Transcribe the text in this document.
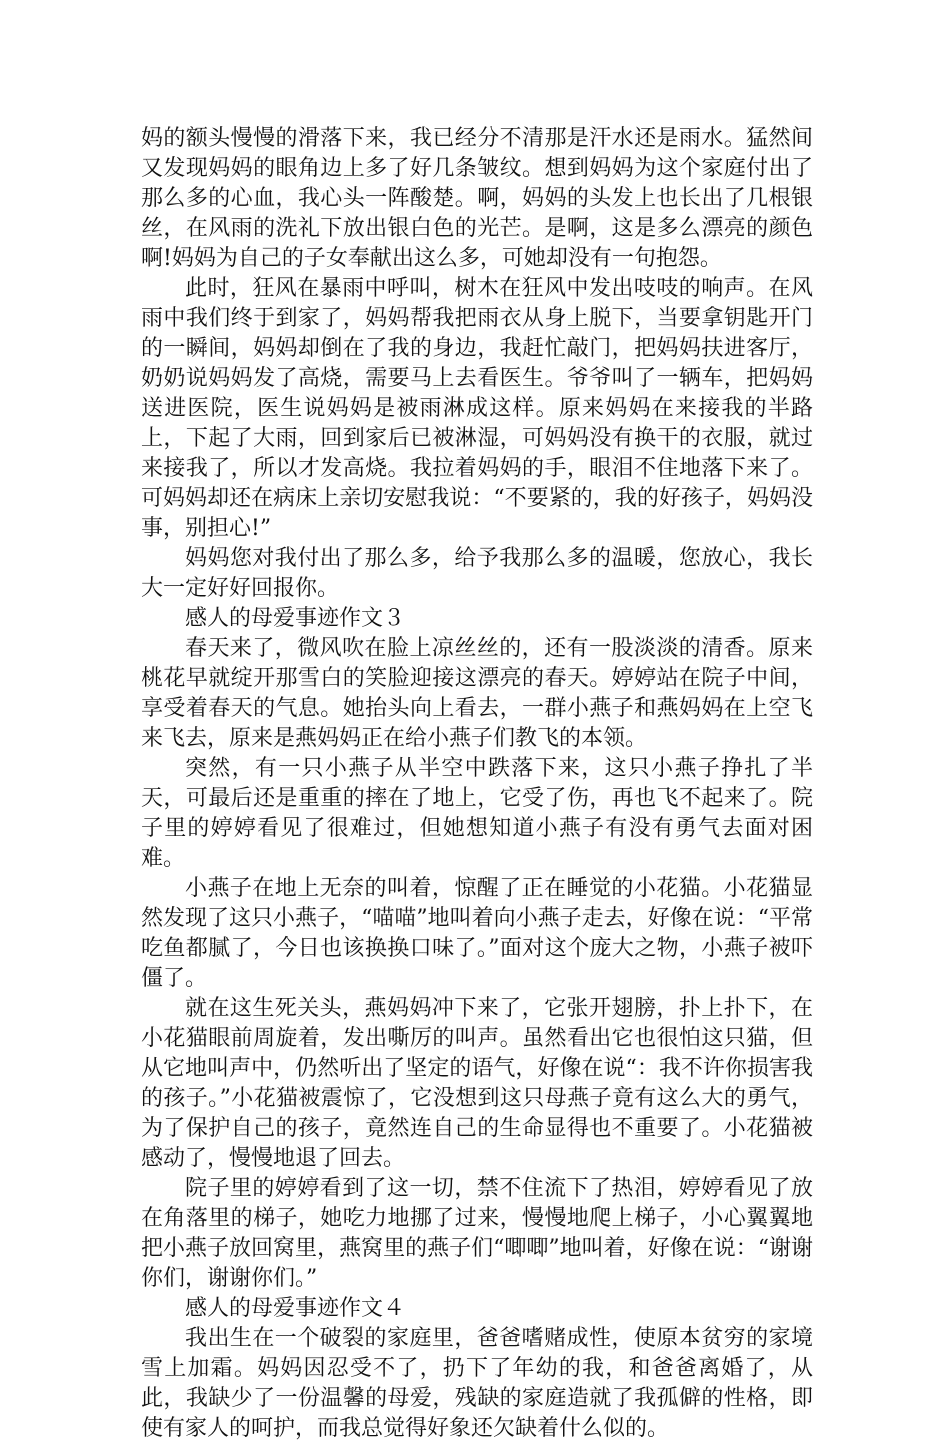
妈的额头慢慢的滑落下来，我已经分不清那是汗水还是雨水。猛然间又发现妈妈的眼角边上多了好几条皱纹。想到妈妈为这个家庭付出了那么多的心血，我心头一阵酸楚。啊，妈妈的头发上也长出了几根银丝，在风雨的洗礼下放出银白色的光芒。是啊，这是多么漂亮的颜色啊!妈妈为自己的子女奉献出这么多，可她却没有一句抱怨。

此时，狂风在暴雨中呼叫，树木在狂风中发出吱吱的响声。在风雨中我们终于到家了，妈妈帮我把雨衣从身上脱下，当要拿钥匙开门的一瞬间，妈妈却倒在了我的身边，我赶忙敲门，把妈妈扶进客厅，奶奶说妈妈发了高烧，需要马上去看医生。爷爷叫了一辆车，把妈妈送进医院，医生说妈妈是被雨淋成这样。原来妈妈在来接我的半路上，下起了大雨，回到家后已被淋湿，可妈妈没有换干的衣服，就过来接我了，所以才发高烧。我拉着妈妈的手，眼泪不住地落下来了。可妈妈却还在病床上亲切安慰我说：“不要紧的，我的好孩子，妈妈没事，别担心!”

妈妈您对我付出了那么多，给予我那么多的温暖，您放心，我长大一定好好回报你。

感人的母爱事迹作文３

春天来了，微风吹在脸上凉丝丝的，还有一股淡淡的清香。原来桃花早就绽开那雪白的笑脸迎接这漂亮的春天。婷婷站在院子中间，享受着春天的气息。她抬头向上看去，一群小燕子和燕妈妈在上空飞来飞去，原来是燕妈妈正在给小燕子们教飞的本领。

突然，有一只小燕子从半空中跌落下来，这只小燕子挣扎了半天，可最后还是重重的摔在了地上，它受了伤，再也飞不起来了。院子里的婷婷看见了很难过，但她想知道小燕子有没有勇气去面对困难。

小燕子在地上无奈的叫着，惊醒了正在睡觉的小花猫。小花猫显然发现了这只小燕子，“喵喵”地叫着向小燕子走去，好像在说：“平常吃鱼都腻了，今日也该换换口味了。”面对这个庞大之物，小燕子被吓僵了。

就在这生死关头，燕妈妈冲下来了，它张开翅膀，扑上扑下，在小花猫眼前周旋着，发出嘶厉的叫声。虽然看出它也很怕这只猫，但从它地叫声中，仍然听出了坚定的语气，好像在说“：我不许你损害我的孩子。”小花猫被震惊了，它没想到这只母燕子竟有这么大的勇气，为了保护自己的孩子，竟然连自己的生命显得也不重要了。小花猫被感动了，慢慢地退了回去。

院子里的婷婷看到了这一切，禁不住流下了热泪，婷婷看见了放在角落里的梯子，她吃力地挪了过来，慢慢地爬上梯子，小心翼翼地把小燕子放回窝里，燕窝里的燕子们“唧唧”地叫着，好像在说：“谢谢你们，谢谢你们。”

感人的母爱事迹作文４

我出生在一个破裂的家庭里，爸爸嗜赌成性，使原本贫穷的家境雪上加霜。妈妈因忍受不了，扔下了年幼的我，和爸爸离婚了，从此，我缺少了一份温馨的母爱，残缺的家庭造就了我孤僻的性格，即使有家人的呵护，而我总觉得好象还欠缺着什么似的。
